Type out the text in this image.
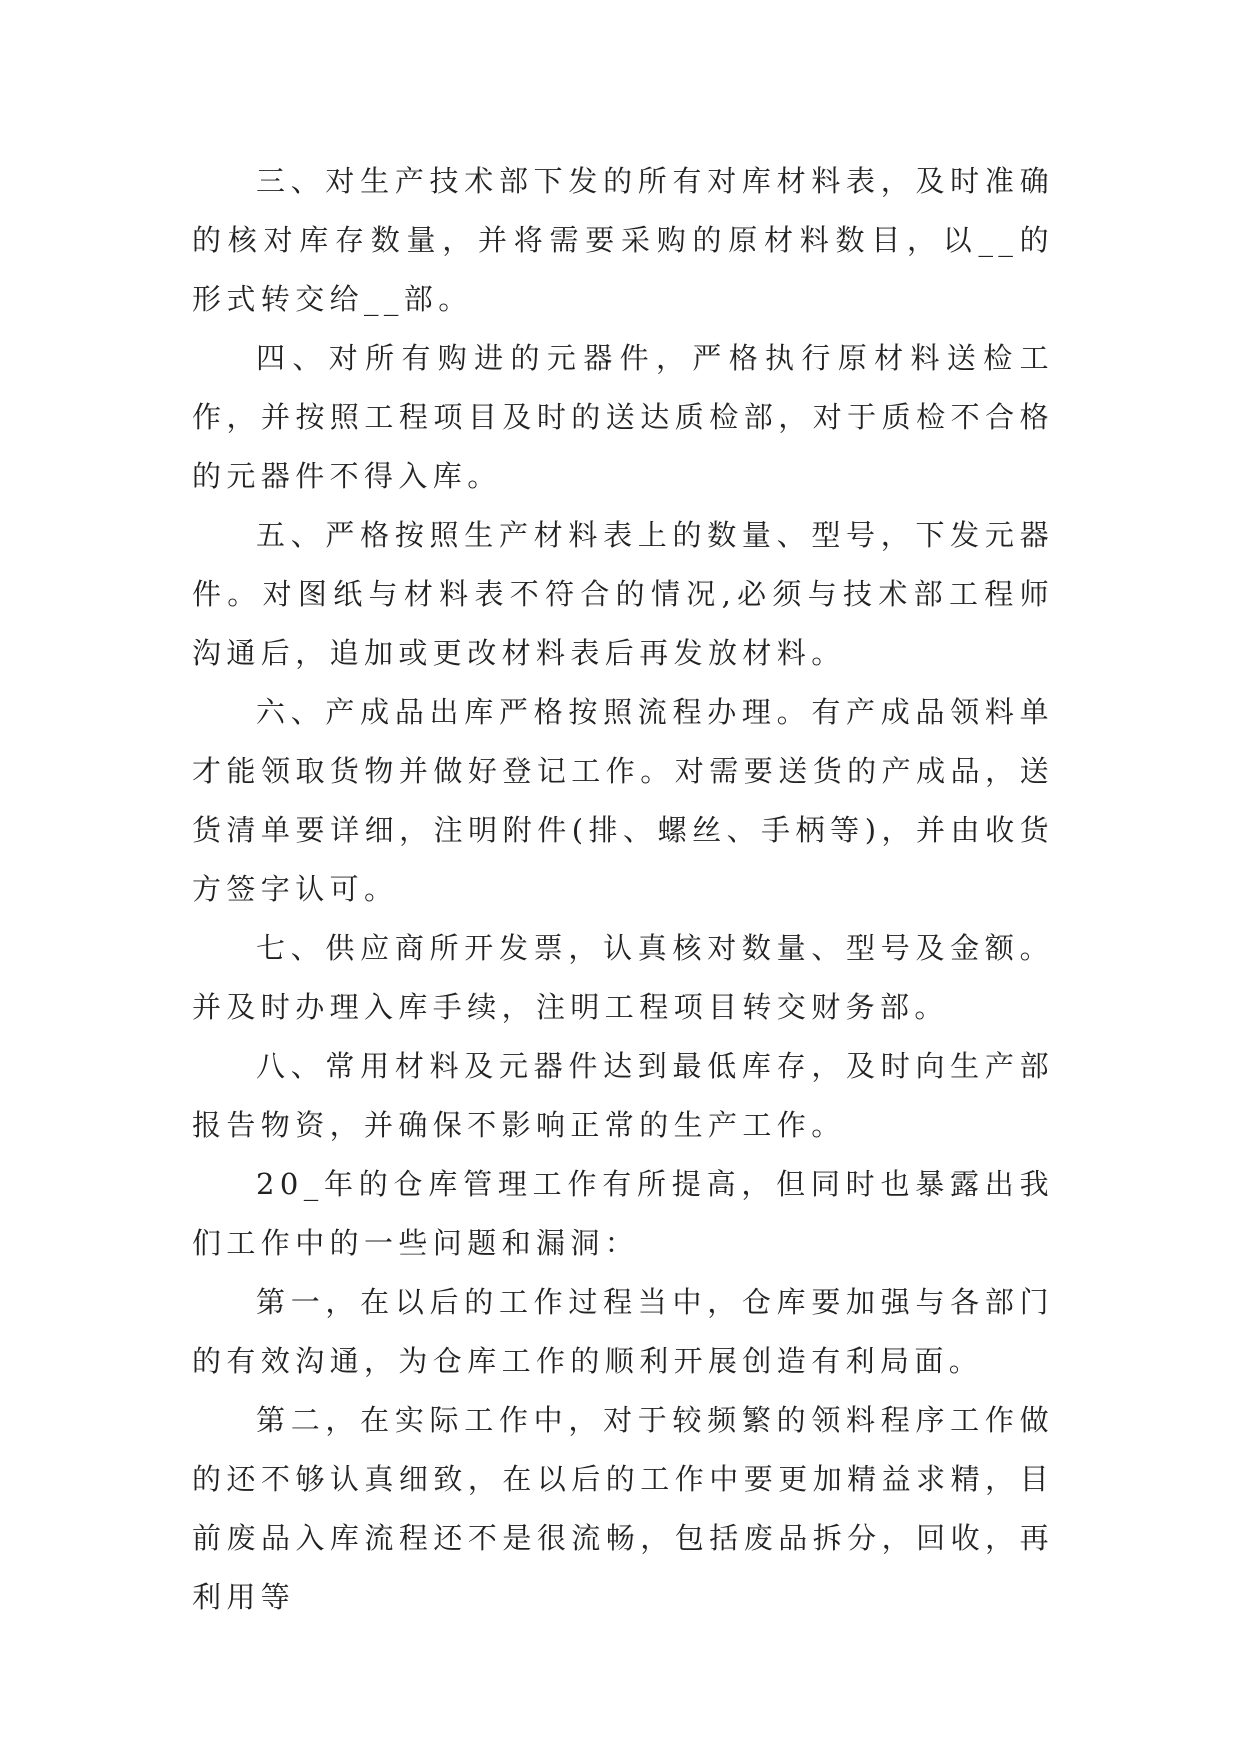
三、对生产技术部下发的所有对库材料表，及时准确的核对库存数量，并将需要采购的原材料数目，以__的形式转交给__部。

四、对所有购进的元器件，严格执行原材料送检工作，并按照工程项目及时的送达质检部，对于质检不合格的元器件不得入库。

五、严格按照生产材料表上的数量、型号，下发元器件。对图纸与材料表不符合的情况,必须与技术部工程师沟通后，追加或更改材料表后再发放材料。

六、产成品出库严格按照流程办理。有产成品领料单才能领取货物并做好登记工作。对需要送货的产成品，送货清单要详细，注明附件(排、螺丝、手柄等)，并由收货方签字认可。

七、供应商所开发票，认真核对数量、型号及金额。并及时办理入库手续，注明工程项目转交财务部。

八、常用材料及元器件达到最低库存，及时向生产部报告物资，并确保不影响正常的生产工作。

20_年的仓库管理工作有所提高，但同时也暴露出我们工作中的一些问题和漏洞：

第一，在以后的工作过程当中，仓库要加强与各部门的有效沟通，为仓库工作的顺利开展创造有利局面。

第二，在实际工作中，对于较频繁的领料程序工作做的还不够认真细致，在以后的工作中要更加精益求精，目前废品入库流程还不是很流畅，包括废品拆分，回收，再利用等
